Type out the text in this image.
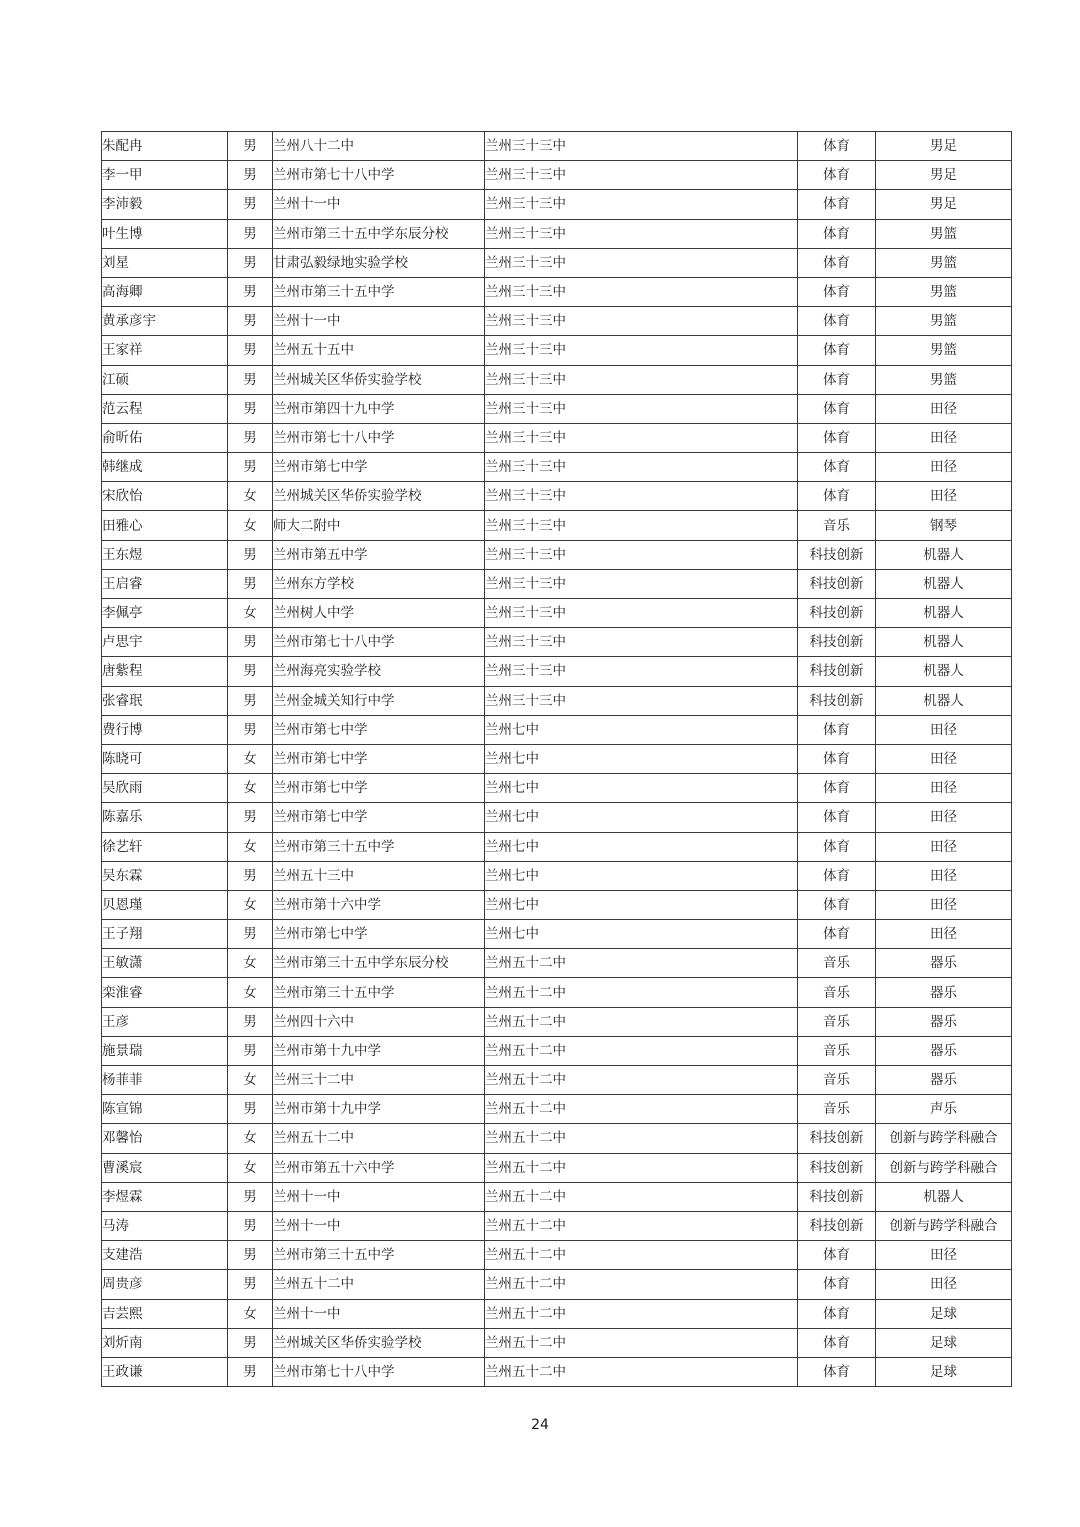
朱配冉	男	兰州八十二中	兰州三十三中	体育	男足
李一甲	男	兰州市第七十八中学	兰州三十三中	体育	男足
李沛毅	男	兰州十一中	兰州三十三中	体育	男足
叶生博	男	兰州市第三十五中学东辰分校	兰州三十三中	体育	男篮
刘星	男	甘肃弘毅绿地实验学校	兰州三十三中	体育	男篮
高海卿	男	兰州市第三十五中学	兰州三十三中	体育	男篮
黄承彦宇	男	兰州十一中	兰州三十三中	体育	男篮
王家祥	男	兰州五十五中	兰州三十三中	体育	男篮
江硕	男	兰州城关区华侨实验学校	兰州三十三中	体育	男篮
范云程	男	兰州市第四十九中学	兰州三十三中	体育	田径
俞昕佑	男	兰州市第七十八中学	兰州三十三中	体育	田径
韩继成	男	兰州市第七中学	兰州三十三中	体育	田径
宋欣怡	女	兰州城关区华侨实验学校	兰州三十三中	体育	田径
田雅心	女	师大二附中	兰州三十三中	音乐	钢琴
王东煜	男	兰州市第五中学	兰州三十三中	科技创新	机器人
王启睿	男	兰州东方学校	兰州三十三中	科技创新	机器人
李佩亭	女	兰州树人中学	兰州三十三中	科技创新	机器人
卢思宇	男	兰州市第七十八中学	兰州三十三中	科技创新	机器人
唐紫程	男	兰州海亮实验学校	兰州三十三中	科技创新	机器人
张睿珉	男	兰州金城关知行中学	兰州三十三中	科技创新	机器人
费行博	男	兰州市第七中学	兰州七中	体育	田径
陈晓可	女	兰州市第七中学	兰州七中	体育	田径
吴欣雨	女	兰州市第七中学	兰州七中	体育	田径
陈嘉乐	男	兰州市第七中学	兰州七中	体育	田径
徐艺轩	女	兰州市第三十五中学	兰州七中	体育	田径
吴东霖	男	兰州五十三中	兰州七中	体育	田径
贝恩瑾	女	兰州市第十六中学	兰州七中	体育	田径
王子翔	男	兰州市第七中学	兰州七中	体育	田径
王敏潇	女	兰州市第三十五中学东辰分校	兰州五十二中	音乐	器乐
栾淮睿	女	兰州市第三十五中学	兰州五十二中	音乐	器乐
王彦	男	兰州四十六中	兰州五十二中	音乐	器乐
施景瑞	男	兰州市第十九中学	兰州五十二中	音乐	器乐
杨菲菲	女	兰州三十二中	兰州五十二中	音乐	器乐
陈宣锦	男	兰州市第十九中学	兰州五十二中	音乐	声乐
邓馨怡	女	兰州五十二中	兰州五十二中	科技创新	创新与跨学科融合
曹溪宸	女	兰州市第五十六中学	兰州五十二中	科技创新	创新与跨学科融合
李煜霖	男	兰州十一中	兰州五十二中	科技创新	机器人
马涛	男	兰州十一中	兰州五十二中	科技创新	创新与跨学科融合
支建浩	男	兰州市第三十五中学	兰州五十二中	体育	田径
周贵彦	男	兰州五十二中	兰州五十二中	体育	田径
吉芸熙	女	兰州十一中	兰州五十二中	体育	足球
刘炘南	男	兰州城关区华侨实验学校	兰州五十二中	体育	足球
王政谦	男	兰州市第七十八中学	兰州五十二中	体育	足球
24
